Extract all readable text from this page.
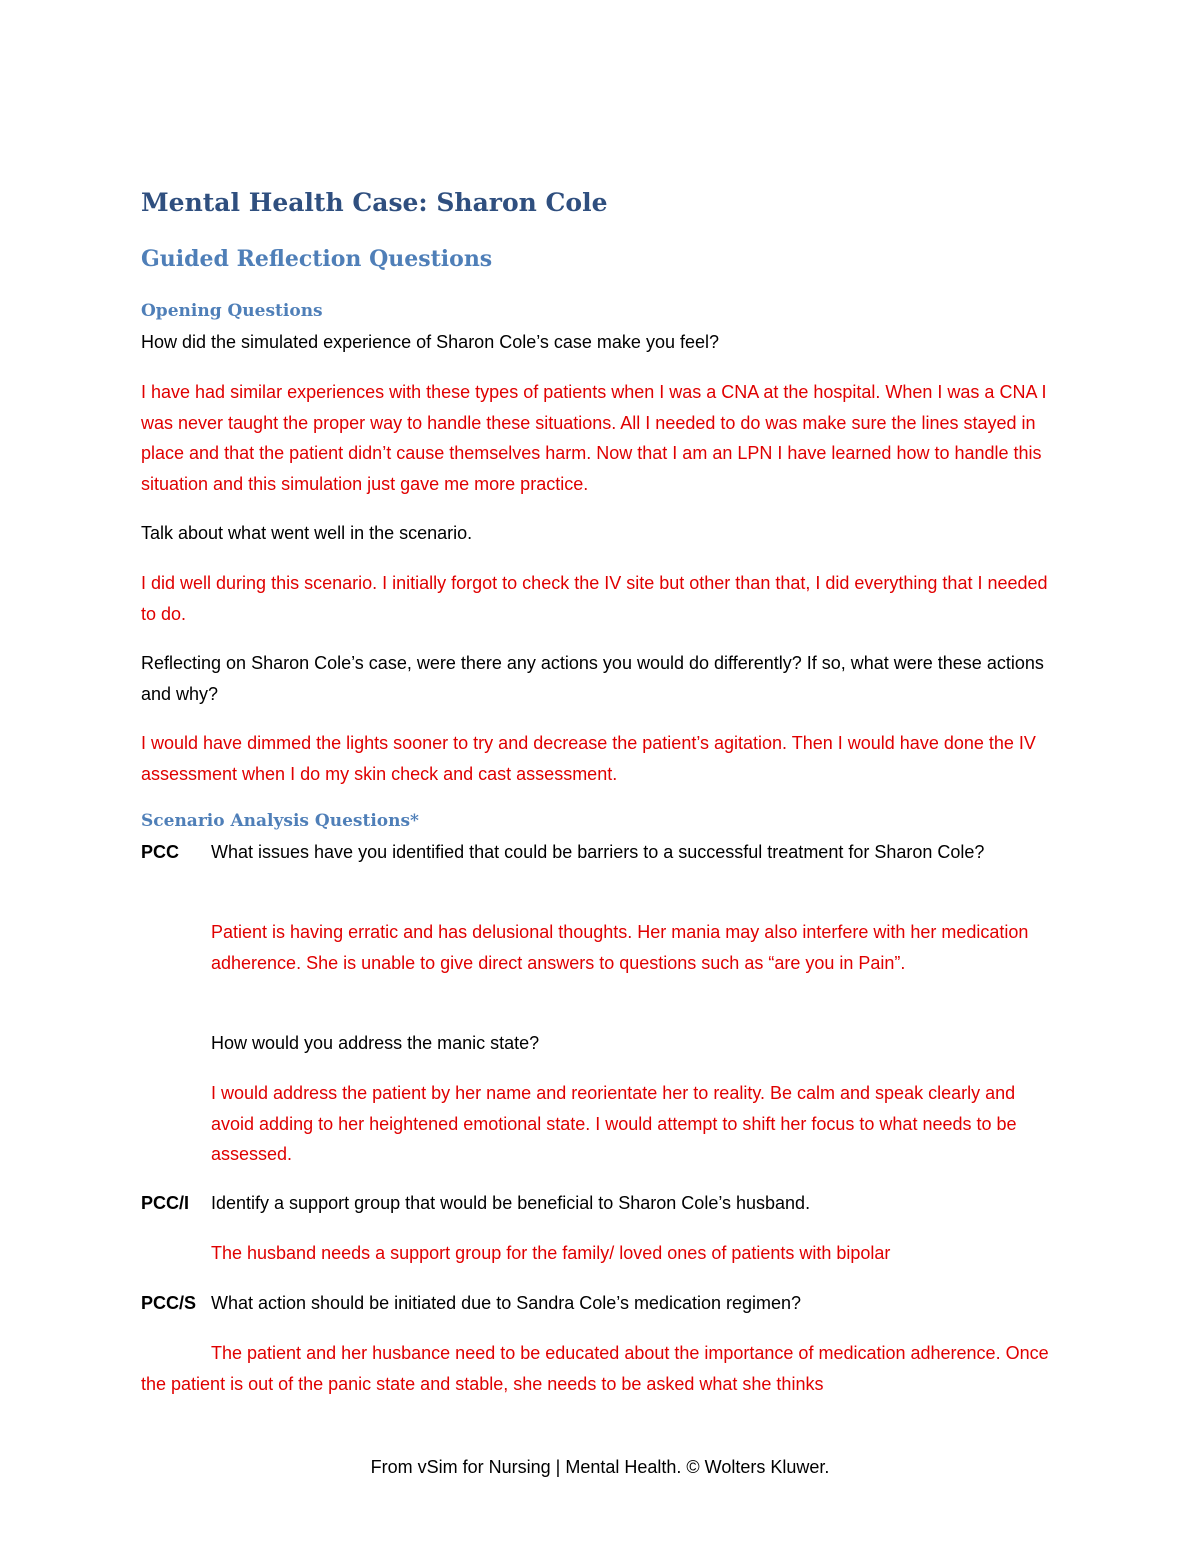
Mental Health Case: Sharon Cole
Guided Reflection Questions
Opening Questions

How did the simulated experience of Sharon Cole’s case make you feel?

I have had similar experiences with these types of patients when I was a CNA at the hospital. When I was a CNA I was never taught the proper way to handle these situations. All I needed to do was make sure the lines stayed in place and that the patient didn’t cause themselves harm. Now that I am an LPN I have learned how to handle this situation and this simulation just gave me more practice.

Talk about what went well in the scenario.

I did well during this scenario. I initially forgot to check the IV site but other than that, I did everything that I needed to do.

Reflecting on Sharon Cole’s case, were there any actions you would do differently? If so, what were these actions and why?

I would have dimmed the lights sooner to try and decrease the patient’s agitation. Then I would have done the IV assessment when I do my skin check and cast assessment.

Scenario Analysis Questions*
PCC What issues have you identified that could be barriers to a successful treatment for Sharon Cole?

Patient is having erratic and has delusional thoughts. Her mania may also interfere with her medication adherence. She is unable to give direct answers to questions such as “are you in Pain”.

How would you address the manic state?

I would address the patient by her name and reorientate her to reality. Be calm and speak clearly and avoid adding to her heightened emotional state. I would attempt to shift her focus to what needs to be assessed.

PCC/I Identify a support group that would be beneficial to Sharon Cole’s husband.

The husband needs a support group for the family/ loved ones of patients with bipolar

PCC/S What action should be initiated due to Sandra Cole’s medication regimen?

The patient and her husbance need to be educated about the importance of medication adherence. Once the patient is out of the panic state and stable, she needs to be asked what she thinks

From vSim for Nursing | Mental Health. © Wolters Kluwer.
